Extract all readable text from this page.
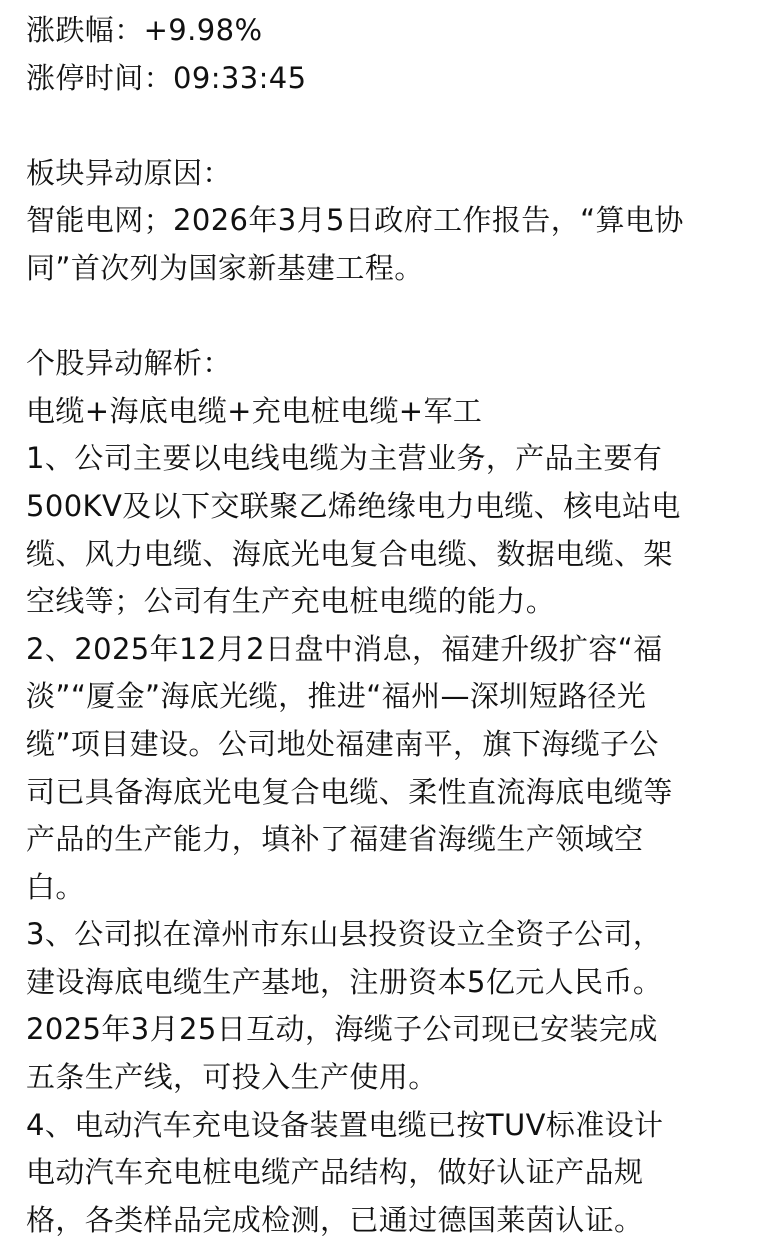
涨跌幅：+9.98%
涨停时间：09:33:45
板块异动原因：
智能电网；2026年3月5日政府工作报告，“算电协
同”首次列为国家新基建工程。
个股异动解析：
电缆+海底电缆+充电桩电缆+军工
1、公司主要以电线电缆为主营业务，产品主要有
500KV及以下交联聚乙烯绝缘电力电缆、核电站电
缆、风力电缆、海底光电复合电缆、数据电缆、架
空线等；公司有生产充电桩电缆的能力。
2、2025年12月2日盘中消息，福建升级扩容“福
淡”“厦金”海底光缆，推进“福州—深圳短路径光
缆”项目建设。公司地处福建南平，旗下海缆子公
司已具备海底光电复合电缆、柔性直流海底电缆等
产品的生产能力，填补了福建省海缆生产领域空
白。
3、公司拟在漳州市东山县投资设立全资子公司，
建设海底电缆生产基地，注册资本5亿元人民币。
2025年3月25日互动，海缆子公司现已安装完成
五条生产线，可投入生产使用。
4、电动汽车充电设备装置电缆已按TUV标准设计
电动汽车充电桩电缆产品结构，做好认证产品规
格，各类样品完成检测，已通过德国莱茵认证。
